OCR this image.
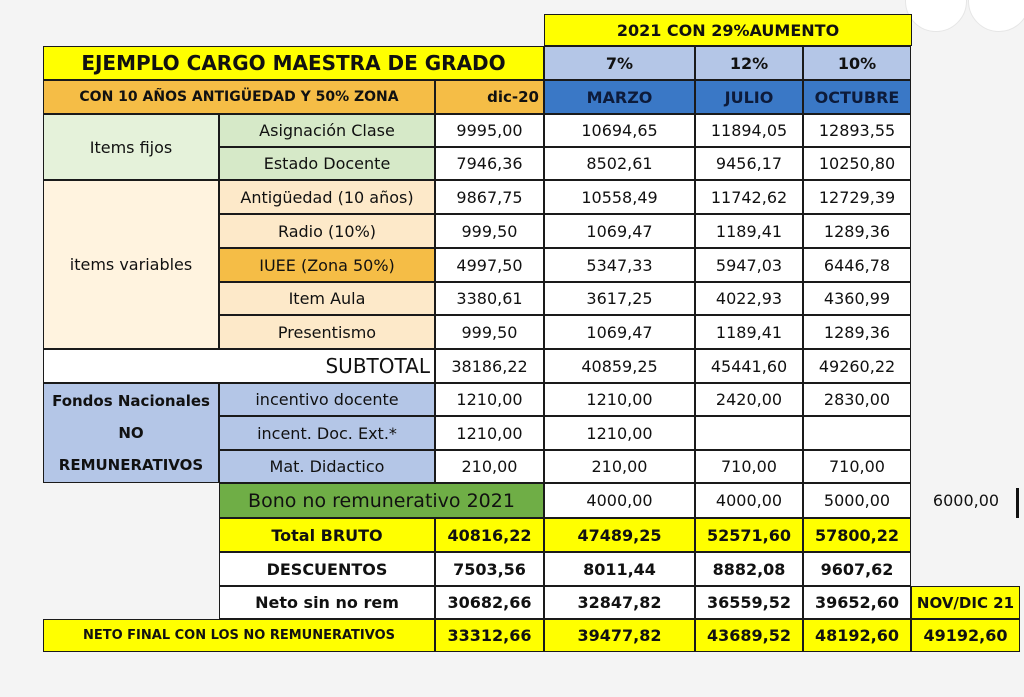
2021 CON 29%AUMENTO
EJEMPLO CARGO MAESTRA DE GRADO	7%	12%	10%
CON 10 AÑOS ANTIGÜEDAD Y 50% ZONA	dic-20	MARZO	JULIO	OCTUBRE
Items fijos
items variables
Fondos Nacionales
NO
REMUNERATIVOS
Asignación Clase	9995,00	10694,65	11894,05	12893,55
Estado Docente	7946,36	8502,61	9456,17	10250,80
Antigüedad (10 años)	9867,75	10558,49	11742,62	12729,39
Radio (10%)	999,50	1069,47	1189,41	1289,36
IUEE (Zona 50%)	4997,50	5347,33	5947,03	6446,78
Item Aula	3380,61	3617,25	4022,93	4360,99
Presentismo	999,50	1069,47	1189,41	1289,36
SUBTOTAL	38186,22	40859,25	45441,60	49260,22
incentivo docente	1210,00	1210,00	2420,00	2830,00
incent. Doc. Ext.*	1210,00	1210,00
Mat. Didactico	210,00	210,00	710,00	710,00
Bono no remunerativo 2021	4000,00	4000,00	5000,00	6000,00
Total BRUTO	40816,22	47489,25	52571,60	57800,22
DESCUENTOS	7503,56	8011,44	8882,08	9607,62
Neto sin no rem	30682,66	32847,82	36559,52	39652,60	NOV/DIC 21
NETO FINAL CON LOS NO REMUNERATIVOS	33312,66	39477,82	43689,52	48192,60	49192,60
